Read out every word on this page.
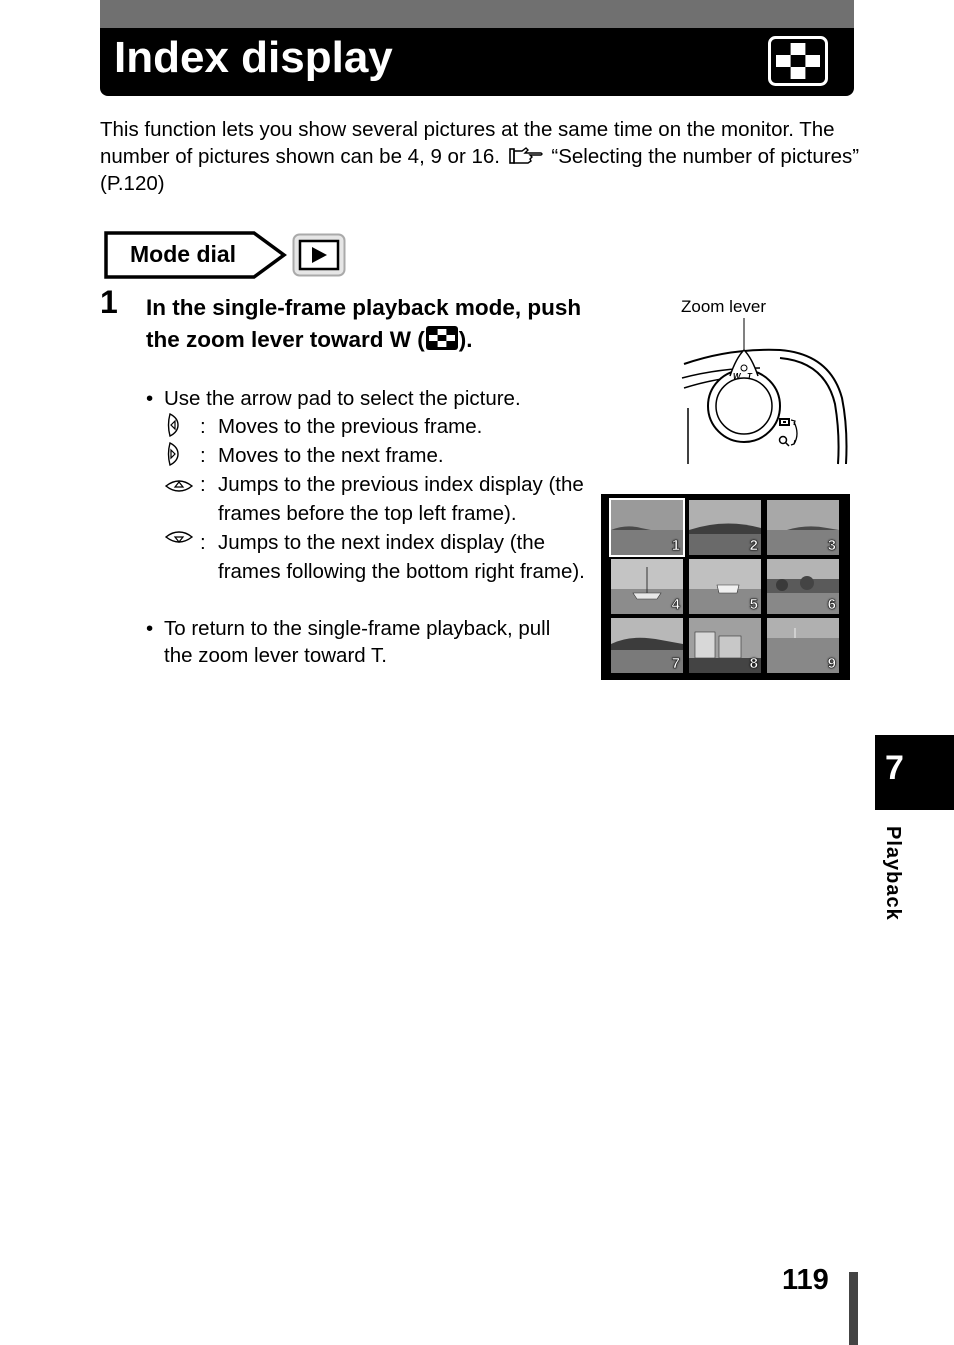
Index display

This function lets you show several pictures at the same time on the monitor. The number of pictures shown can be 4, 9 or 16.	“Selecting the number of pictures” (P.120)

Mode dial
1 In the single-frame playback mode, push the zoom lever toward W ( ).

• Use the arrow pad to select the picture.
: Moves to the previous frame.
: Moves to the next frame.
: Jumps to the previous index display (the frames before the top left frame).
: Jumps to the next index display (the frames following the bottom right frame).
• To return to the single-frame playback, pull the zoom lever toward T.
Zoom lever
W T
1	2	3
4	5	6
7	8	9
7
Playback
119
